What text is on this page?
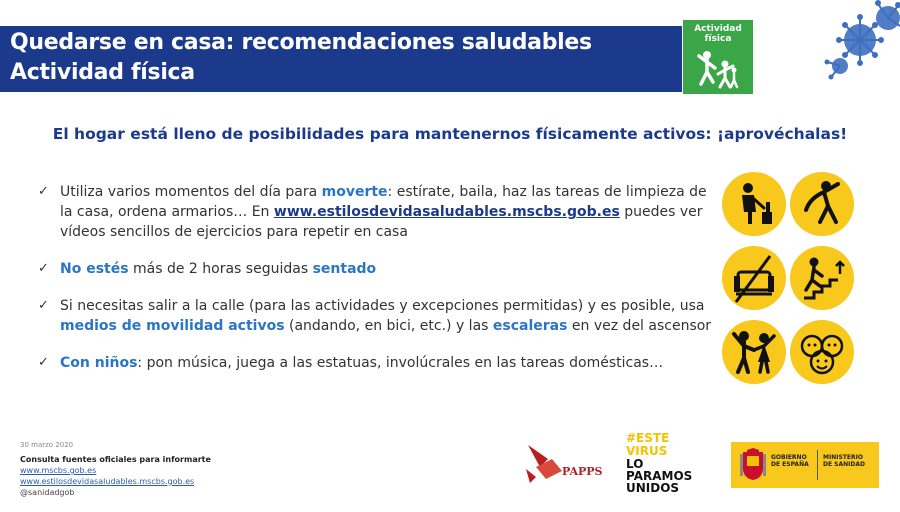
Quedarse en casa: recomendaciones saludables
Actividad física
Actividad
física
El hogar está lleno de posibilidades para mantenernos físicamente activos: ¡aprovéchalas!
✓ Utiliza varios momentos del día para moverte: estírate, baila, haz las tareas de limpieza de la casa, ordena armarios… En www.estilosdevidasaludables.mscbs.gob.es puedes ver vídeos sencillos de ejercicios para repetir en casa
✓ No estés más de 2 horas seguidas sentado
✓ Si necesitas salir a la calle (para las actividades y excepciones permitidas) y es posible, usa medios de movilidad activos (andando, en bici, etc.) y las escaleras en vez del ascensor
✓ Con niños: pon música, juega a las estatuas, involúcrales en las tareas domésticas…
30 marzo 2020
Consulta fuentes oficiales para informarte
www.mscbs.gob.es
www.estilosdevidasaludables.mscbs.gob.es
@sanidadgob
PAPPS
#ESTE
VIRUS
LO
PARAMOS
UNIDOS
GOBIERNO
DE ESPAÑA
MINISTERIO
DE SANIDAD
